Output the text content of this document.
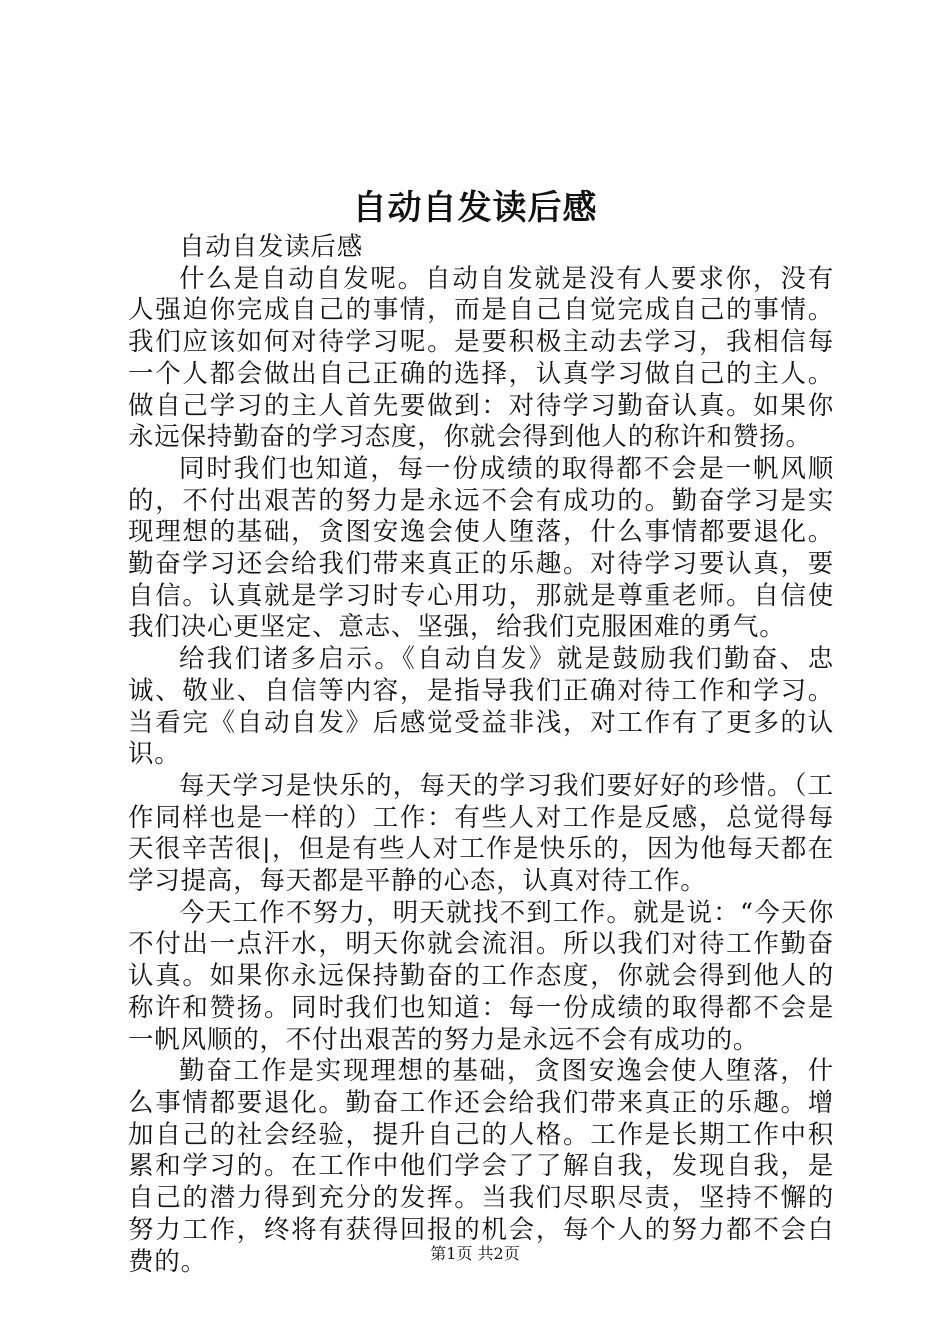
自动自发读后感

自动自发读后感

什么是自动自发呢。自动自发就是没有人要求你，没有人强迫你完成自己的事情，而是自己自觉完成自己的事情。我们应该如何对待学习呢。是要积极主动去学习，我相信每一个人都会做出自己正确的选择，认真学习做自己的主人。做自己学习的主人首先要做到：对待学习勤奋认真。如果你永远保持勤奋的学习态度，你就会得到他人的称许和赞扬。

同时我们也知道，每一份成绩的取得都不会是一帆风顺的，不付出艰苦的努力是永远不会有成功的。勤奋学习是实现理想的基础，贪图安逸会使人堕落，什么事情都要退化。勤奋学习还会给我们带来真正的乐趣。对待学习要认真，要自信。认真就是学习时专心用功，那就是尊重老师。自信使我们决心更坚定、意志、坚强，给我们克服困难的勇气。

给我们诸多启示。《自动自发》就是鼓励我们勤奋、忠诚、敬业、自信等内容，是指导我们正确对待工作和学习。当看完《自动自发》后感觉受益非浅，对工作有了更多的认识。

每天学习是快乐的，每天的学习我们要好好的珍惜。（工作同样也是一样的）工作：有些人对工作是反感，总觉得每天很辛苦很|，但是有些人对工作是快乐的，因为他每天都在学习提高，每天都是平静的心态，认真对待工作。

今天工作不努力，明天就找不到工作。就是说：“今天你不付出一点汗水，明天你就会流泪。所以我们对待工作勤奋认真。如果你永远保持勤奋的工作态度，你就会得到他人的称许和赞扬。同时我们也知道：每一份成绩的取得都不会是一帆风顺的，不付出艰苦的努力是永远不会有成功的。

勤奋工作是实现理想的基础，贪图安逸会使人堕落，什么事情都要退化。勤奋工作还会给我们带来真正的乐趣。增加自己的社会经验，提升自己的人格。工作是长期工作中积累和学习的。在工作中他们学会了了解自我，发现自我，是自己的潜力得到充分的发挥。当我们尽职尽责，坚持不懈的努力工作，终将有获得回报的机会，每个人的努力都不会白费的。	第1页 共2页
